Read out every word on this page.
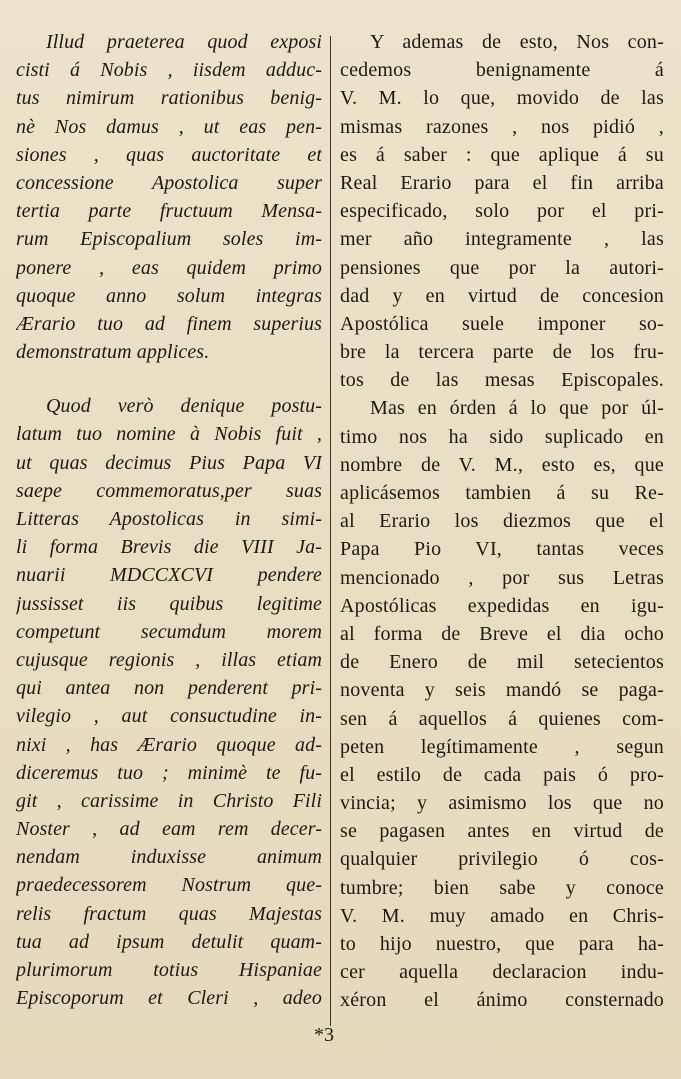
Illud praeterea quod exposi
cisti á Nobis , iisdem adduc-
tus nimirum rationibus benig-
nè Nos damus , ut eas pen-
siones , quas auctoritate et
concessione Apostolica super
tertia parte fructuum Mensa-
rum Episcopalium soles im-
ponere , eas quidem primo
quoque anno solum integras
Ærario tuo ad finem superius
demonstratum applices.
Quod verò denique postu-
latum tuo nomine à Nobis fuit ,
ut quas decimus Pius Papa VI
saepe commemoratus,per suas
Litteras Apostolicas in simi-
li forma Brevis die VIII Ja-
nuarii MDCCXCVI pendere
jussisset iis quibus legitime
competunt secumdum morem
cujusque regionis , illas etiam
qui antea non penderent pri-
vilegio , aut consuctudine in-
nixi , has Ærario quoque ad-
diceremus tuo ; minimè te fu-
git , carissime in Christo Fili
Noster , ad eam rem decer-
nendam induxisse animum
praedecessorem Nostrum que-
relis fractum quas Majestas
tua ad ipsum detulit quam-
plurimorum totius Hispaniae
Episcoporum et Cleri , adeo
Y ademas de esto, Nos con-
cedemos benignamente á
V. M. lo que, movido de las
mismas razones , nos pidió ,
es á saber : que aplique á su
Real Erario para el fin arriba
especificado, solo por el pri-
mer año integramente , las
pensiones que por la autori-
dad y en virtud de concesion
Apostólica suele imponer so-
bre la tercera parte de los fru-
tos de las mesas Episcopales.
Mas en órden á lo que por úl-
timo nos ha sido suplicado en
nombre de V. M., esto es, que
aplicásemos tambien á su Re-
al Erario los diezmos que el
Papa Pio VI, tantas veces
mencionado , por sus Letras
Apostólicas expedidas en igu-
al forma de Breve el dia ocho
de Enero de mil setecientos
noventa y seis mandó se paga-
sen á aquellos á quienes com-
peten legítimamente , segun
el estilo de cada pais ó pro-
vincia; y asimismo los que no
se pagasen antes en virtud de
qualquier privilegio ó cos-
tumbre; bien sabe y conoce
V. M. muy amado en Chris-
to hijo nuestro, que para ha-
cer aquella declaracion indu-
xéron el ánimo consternado
*3
